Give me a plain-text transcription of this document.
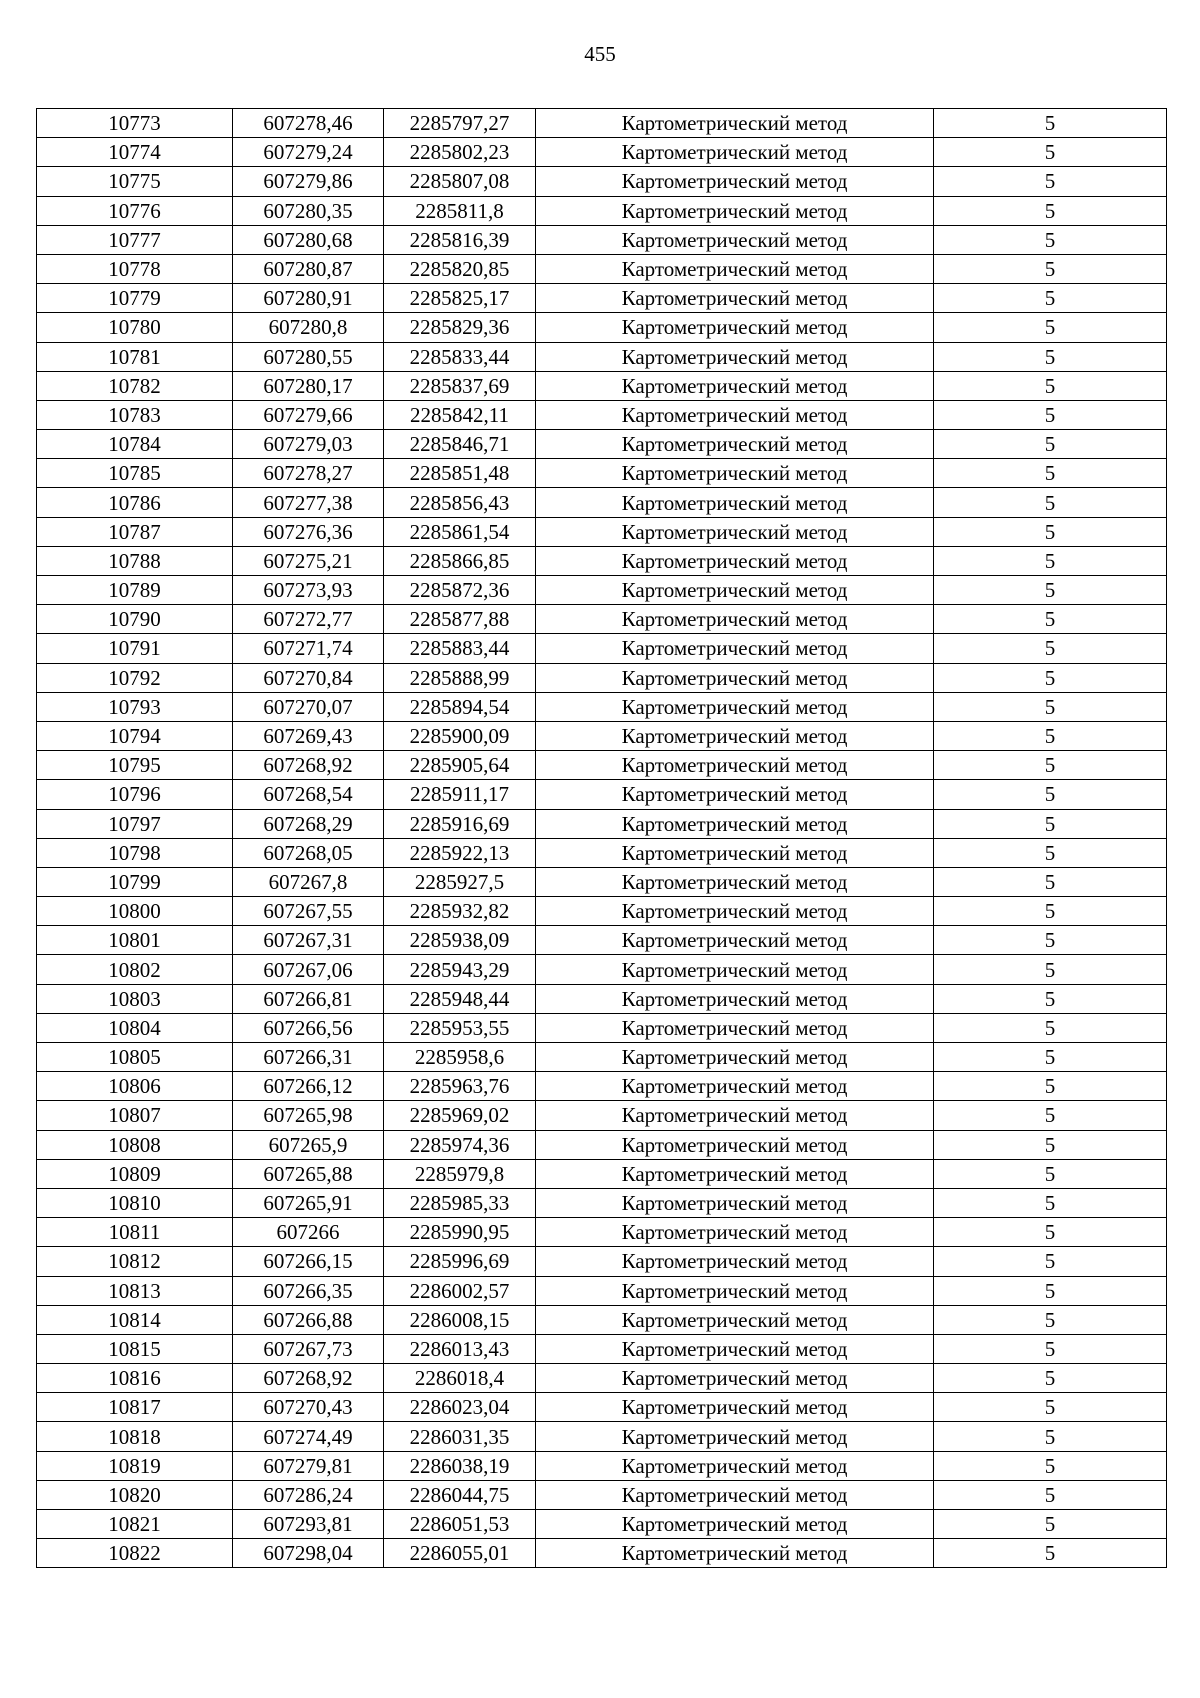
455
10773	607278,46	2285797,27	Картометрический метод	5
10774	607279,24	2285802,23	Картометрический метод	5
10775	607279,86	2285807,08	Картометрический метод	5
10776	607280,35	2285811,8	Картометрический метод	5
10777	607280,68	2285816,39	Картометрический метод	5
10778	607280,87	2285820,85	Картометрический метод	5
10779	607280,91	2285825,17	Картометрический метод	5
10780	607280,8	2285829,36	Картометрический метод	5
10781	607280,55	2285833,44	Картометрический метод	5
10782	607280,17	2285837,69	Картометрический метод	5
10783	607279,66	2285842,11	Картометрический метод	5
10784	607279,03	2285846,71	Картометрический метод	5
10785	607278,27	2285851,48	Картометрический метод	5
10786	607277,38	2285856,43	Картометрический метод	5
10787	607276,36	2285861,54	Картометрический метод	5
10788	607275,21	2285866,85	Картометрический метод	5
10789	607273,93	2285872,36	Картометрический метод	5
10790	607272,77	2285877,88	Картометрический метод	5
10791	607271,74	2285883,44	Картометрический метод	5
10792	607270,84	2285888,99	Картометрический метод	5
10793	607270,07	2285894,54	Картометрический метод	5
10794	607269,43	2285900,09	Картометрический метод	5
10795	607268,92	2285905,64	Картометрический метод	5
10796	607268,54	2285911,17	Картометрический метод	5
10797	607268,29	2285916,69	Картометрический метод	5
10798	607268,05	2285922,13	Картометрический метод	5
10799	607267,8	2285927,5	Картометрический метод	5
10800	607267,55	2285932,82	Картометрический метод	5
10801	607267,31	2285938,09	Картометрический метод	5
10802	607267,06	2285943,29	Картометрический метод	5
10803	607266,81	2285948,44	Картометрический метод	5
10804	607266,56	2285953,55	Картометрический метод	5
10805	607266,31	2285958,6	Картометрический метод	5
10806	607266,12	2285963,76	Картометрический метод	5
10807	607265,98	2285969,02	Картометрический метод	5
10808	607265,9	2285974,36	Картометрический метод	5
10809	607265,88	2285979,8	Картометрический метод	5
10810	607265,91	2285985,33	Картометрический метод	5
10811	607266	2285990,95	Картометрический метод	5
10812	607266,15	2285996,69	Картометрический метод	5
10813	607266,35	2286002,57	Картометрический метод	5
10814	607266,88	2286008,15	Картометрический метод	5
10815	607267,73	2286013,43	Картометрический метод	5
10816	607268,92	2286018,4	Картометрический метод	5
10817	607270,43	2286023,04	Картометрический метод	5
10818	607274,49	2286031,35	Картометрический метод	5
10819	607279,81	2286038,19	Картометрический метод	5
10820	607286,24	2286044,75	Картометрический метод	5
10821	607293,81	2286051,53	Картометрический метод	5
10822	607298,04	2286055,01	Картометрический метод	5
